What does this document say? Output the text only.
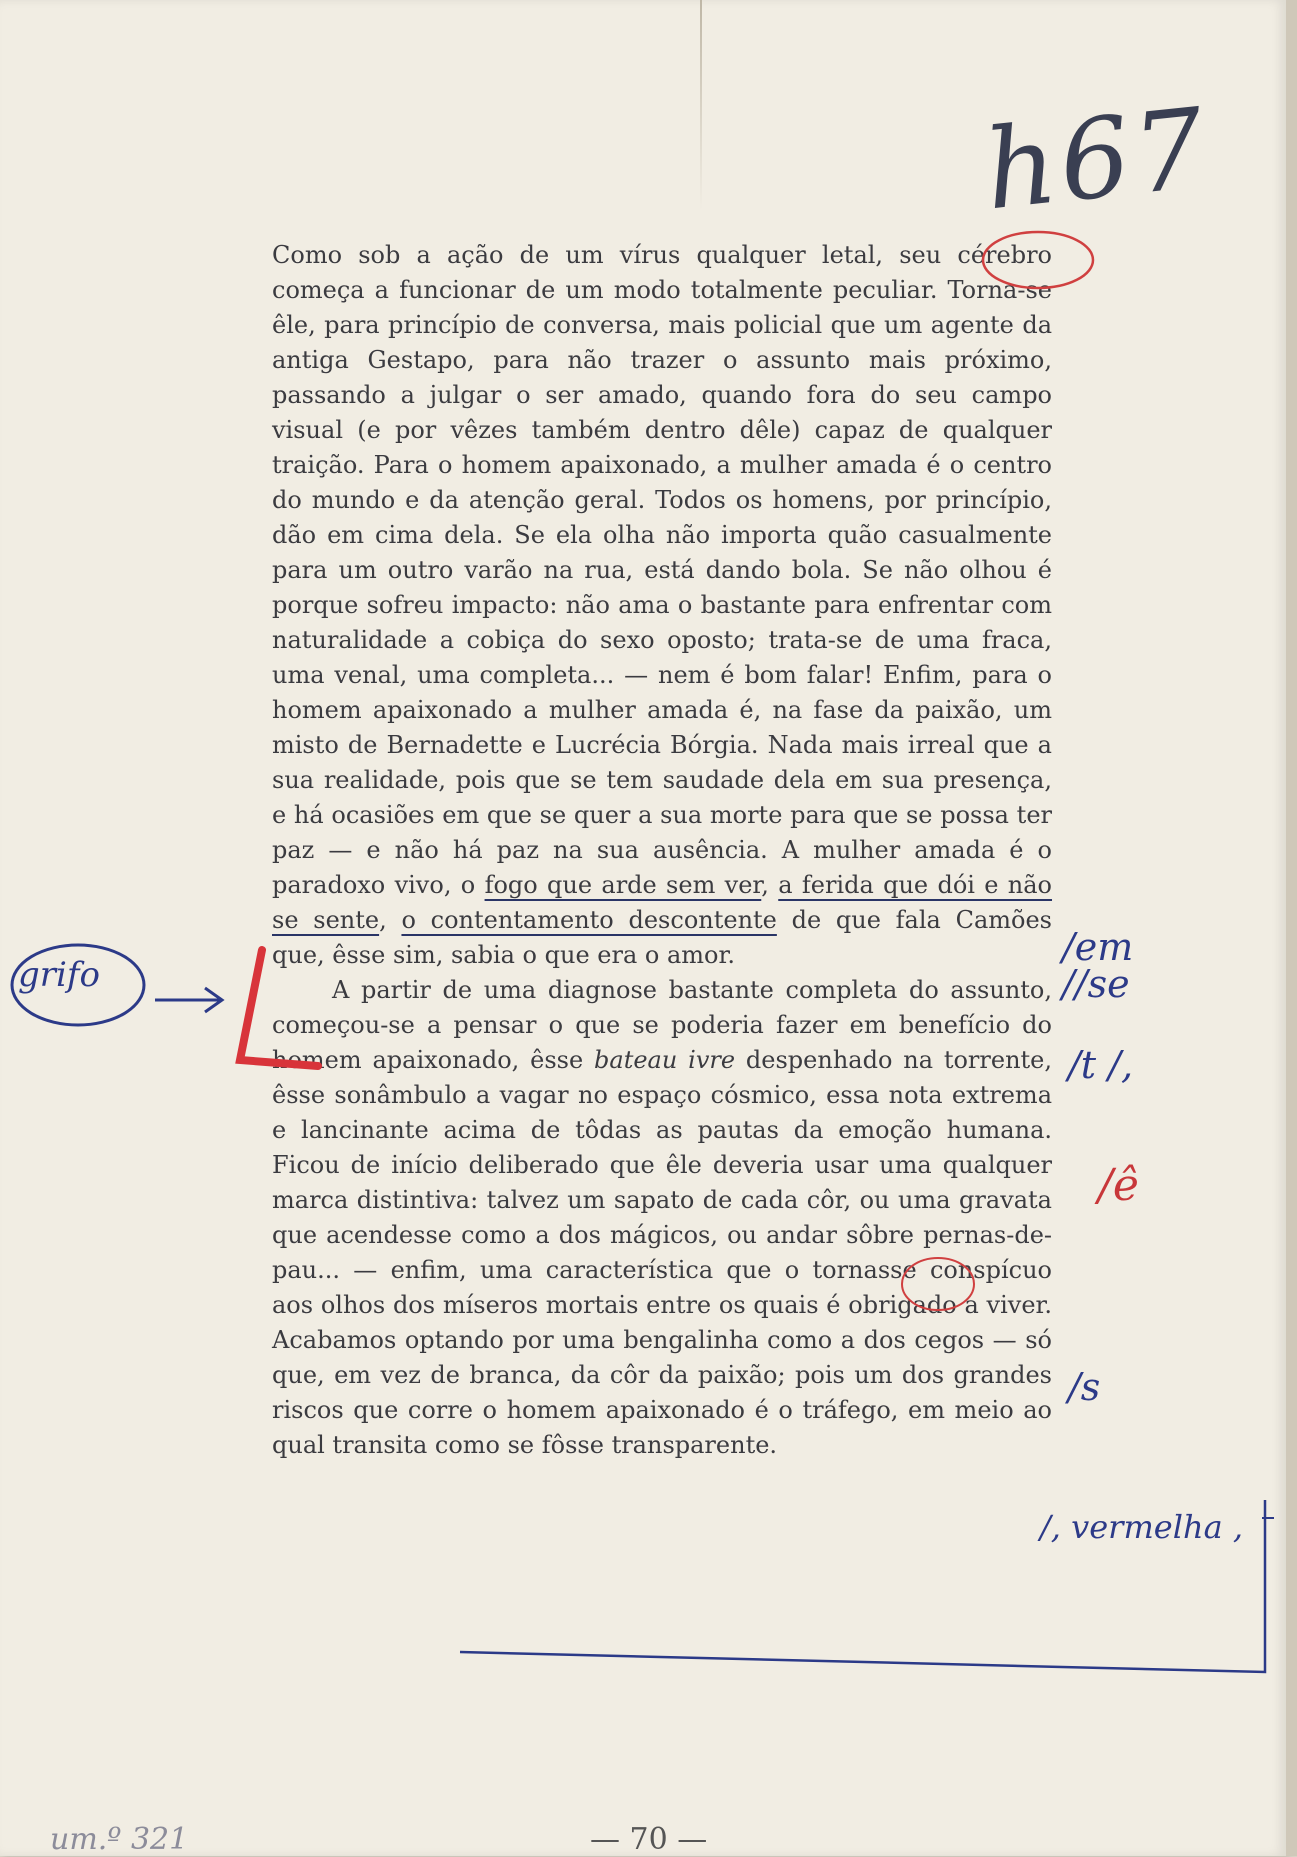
h67

Como sob a ação de um vírus qualquer letal, seu cérebro começa a funcionar de um modo totalmente peculiar. Torna-se êle, para princípio de conversa, mais policial que um agente da antiga Gestapo, para não trazer o assunto mais próximo, passando a julgar o ser amado, quando fora do seu campo visual (e por vêzes também dentro dêle) capaz de qualquer traição. Para o homem apaixonado, a mulher amada é o centro do mundo e da atenção geral. Todos os homens, por princípio, dão em cima dela. Se ela olha não importa quão casualmente para um outro varão na rua, está dando bola. Se não olhou é porque sofreu impacto: não ama o bastante para enfrentar com naturalidade a cobiça do sexo oposto; trata-se de uma fraca, uma venal, uma completa... — nem é bom falar! Enfim, para o homem apaixonado a mulher amada é, na fase da paixão, um misto de Bernadette e Lucrécia Bórgia. Nada mais irreal que a sua realidade, pois que se tem saudade dela em sua presença, e há ocasiões em que se quer a sua morte para que se possa ter paz — e não há paz na sua ausência. A mulher amada é o paradoxo vivo, o fogo que arde sem ver, a ferida que dói e não se sente, o contentamento descontente de que fala Camões que, êsse sim, sabia o que era o amor.

A partir de uma diagnose bastante completa do assunto, começou-se a pensar o que se poderia fazer em benefício do homem apaixonado, êsse bateau ivre despenhado na torrente, êsse sonâmbulo a vagar no espaço cósmico, essa nota extrema e lancinante acima de tôdas as pautas da emoção humana. Ficou de início deliberado que êle deveria usar uma qualquer marca distintiva: talvez um sapato de cada côr, ou uma gravata que acendesse como a dos mágicos, ou andar sôbre pernas-de-pau... — enfim, uma característica que o tornasse conspícuo aos olhos dos míseros mortais entre os quais é obrigado a viver. Acabamos optando por uma bengalinha como a dos cegos — só que, em vez de branca, da côr da paixão; pois um dos grandes riscos que corre o homem apaixonado é o tráfego, em meio ao qual transita como se fôsse transparente.

grifo
/em
//se
/t /,
/ê
/s
/, vermelha ,
um.º 321	— 70 —
